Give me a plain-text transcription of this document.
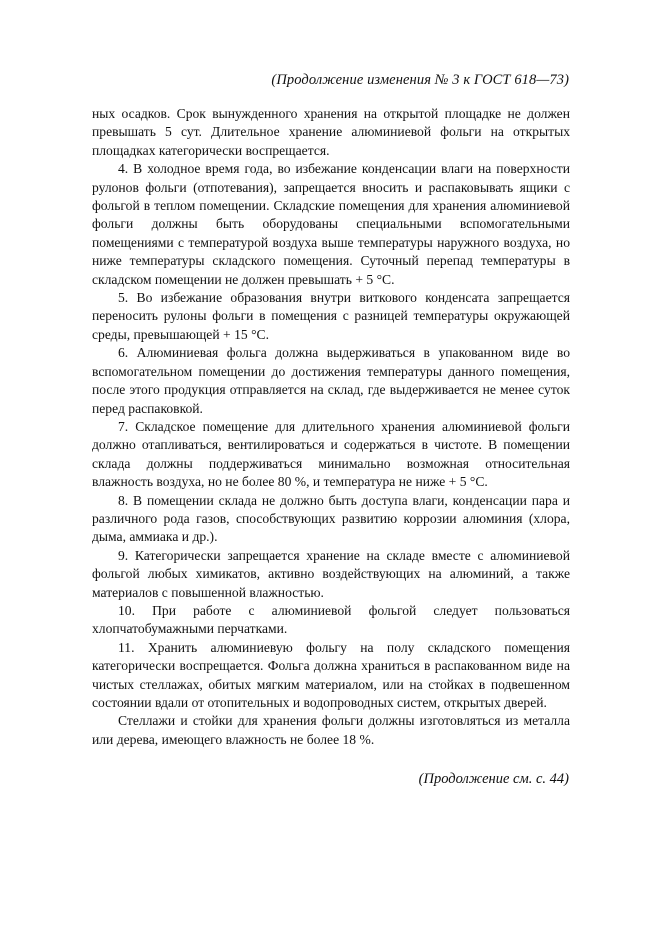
(Продолжение изменения № 3 к ГОСТ 618—73)

ных осадков. Срок вынужденного хранения на открытой площадке не должен превышать 5 сут. Длительное хранение алюминиевой фольги на открытых площадках категорически воспрещается.

4. В холодное время года, во избежание конденсации влаги на поверхности рулонов фольги (отпотевания), запрещается вносить и распаковывать ящики с фольгой в теплом помещении. Складские помещения для хранения алюминиевой фольги должны быть оборудованы специальными вспомогательными помещениями с температурой воздуха выше температуры наружного воздуха, но ниже температуры складского помещения. Суточный перепад температуры в складском помещении не должен превышать + 5 °С.

5. Во избежание образования внутри виткового конденсата запрещается переносить рулоны фольги в помещения с разницей температуры окружающей среды, превышающей + 15 °С.

6. Алюминиевая фольга должна выдерживаться в упакованном виде во вспомогательном помещении до достижения температуры данного помещения, после этого продукция отправляется на склад, где выдерживается не менее суток перед распаковкой.

7. Складское помещение для длительного хранения алюминиевой фольги должно отапливаться, вентилироваться и содержаться в чистоте. В помещении склада должны поддерживаться минимально возможная относительная влажность воздуха, но не более 80 %, и температура не ниже + 5 °С.

8. В помещении склада не должно быть доступа влаги, конденсации пара и различного рода газов, способствующих развитию коррозии алюминия (хлора, дыма, аммиака и др.).

9. Категорически запрещается хранение на складе вместе с алюминиевой фольгой любых химикатов, активно воздействующих на алюминий, а также материалов с повышенной влажностью.

10. При работе с алюминиевой фольгой следует пользоваться хлопчатобумажными перчатками.

11. Хранить алюминиевую фольгу на полу складского помещения категорически воспрещается. Фольга должна храниться в распакованном виде на чистых стеллажах, обитых мягким материалом, или на стойках в подвешенном состоянии вдали от отопительных и водопроводных систем, открытых дверей.

Стеллажи и стойки для хранения фольги должны изготовляться из металла или дерева, имеющего влажность не более 18 %.

(Продолжение см. с. 44)
